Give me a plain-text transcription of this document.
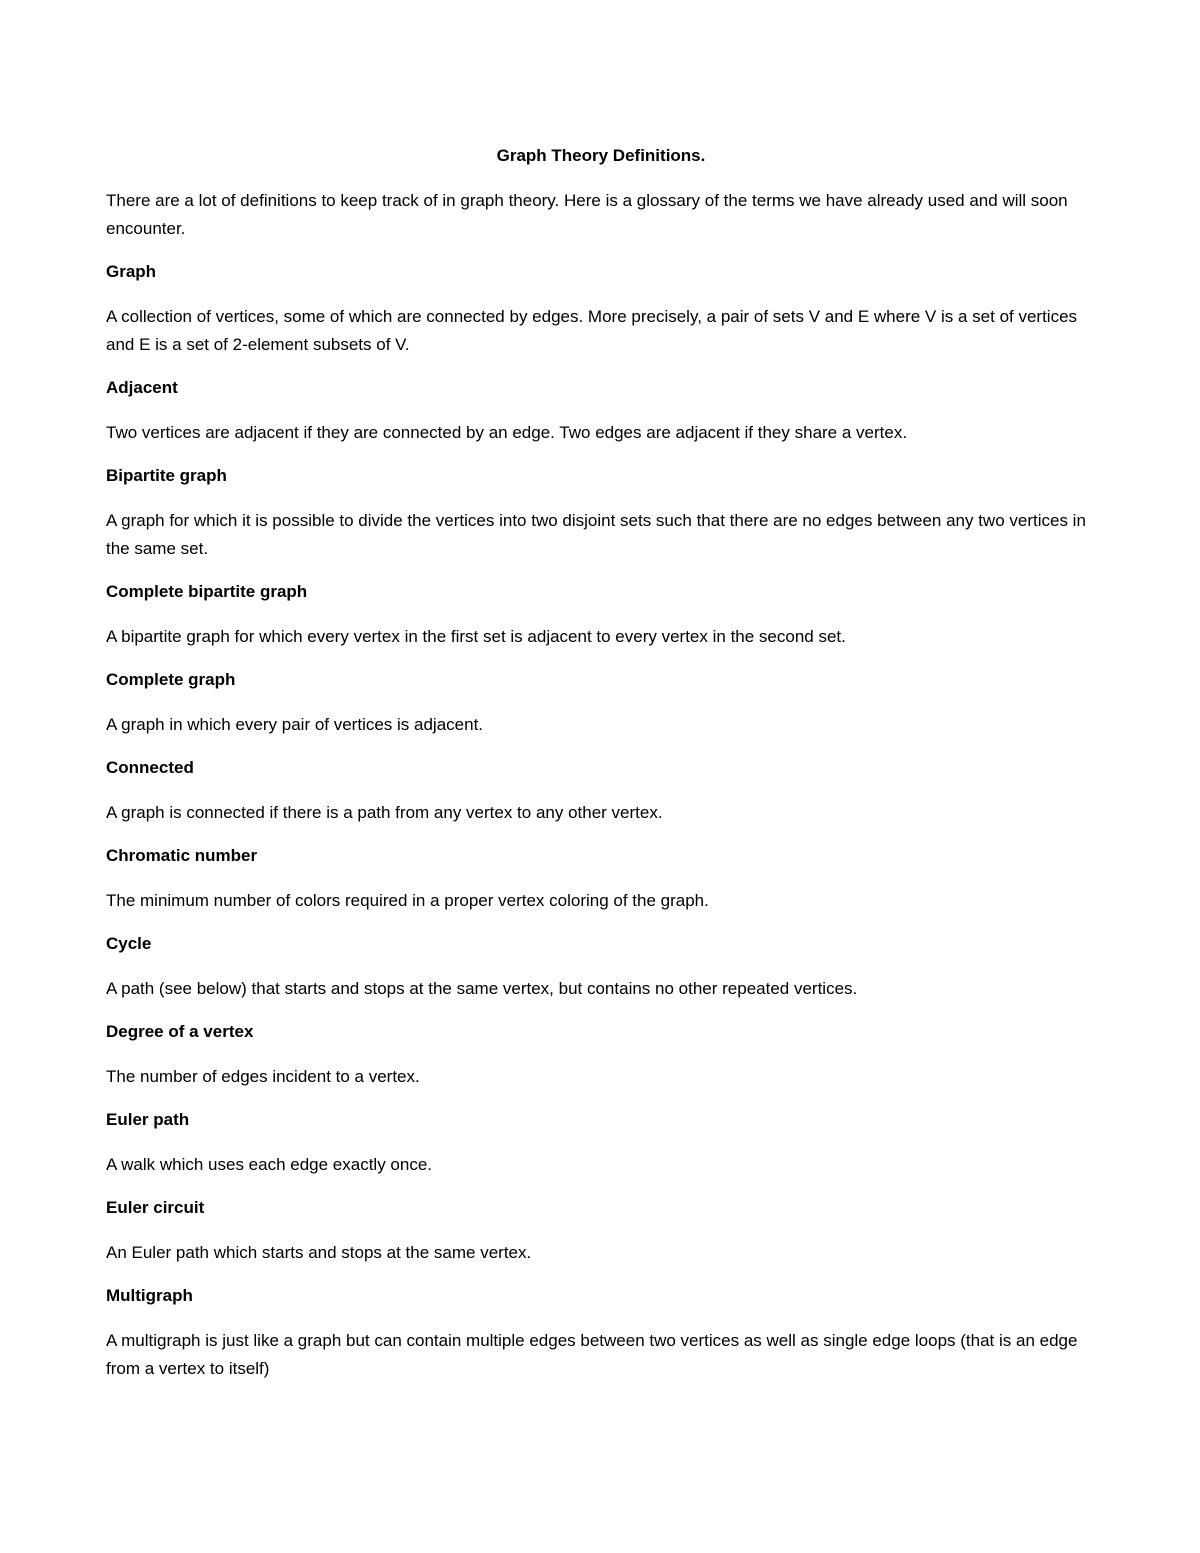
Graph Theory Definitions.

There are a lot of definitions to keep track of in graph theory. Here is a glossary of the terms we have already used and will soon encounter.

Graph

A collection of vertices, some of which are connected by edges. More precisely, a pair of sets V and E where V is a set of vertices and E is a set of 2-element subsets of V.

Adjacent

Two vertices are adjacent if they are connected by an edge. Two edges are adjacent if they share a vertex.

Bipartite graph

A graph for which it is possible to divide the vertices into two disjoint sets such that there are no edges between any two vertices in the same set.

Complete bipartite graph

A bipartite graph for which every vertex in the first set is adjacent to every vertex in the second set.

Complete graph

A graph in which every pair of vertices is adjacent.

Connected

A graph is connected if there is a path from any vertex to any other vertex.

Chromatic number

The minimum number of colors required in a proper vertex coloring of the graph.

Cycle

A path (see below) that starts and stops at the same vertex, but contains no other repeated vertices.

Degree of a vertex

The number of edges incident to a vertex.

Euler path

A walk which uses each edge exactly once.

Euler circuit

An Euler path which starts and stops at the same vertex.

Multigraph

A multigraph is just like a graph but can contain multiple edges between two vertices as well as single edge loops (that is an edge from a vertex to itself)
